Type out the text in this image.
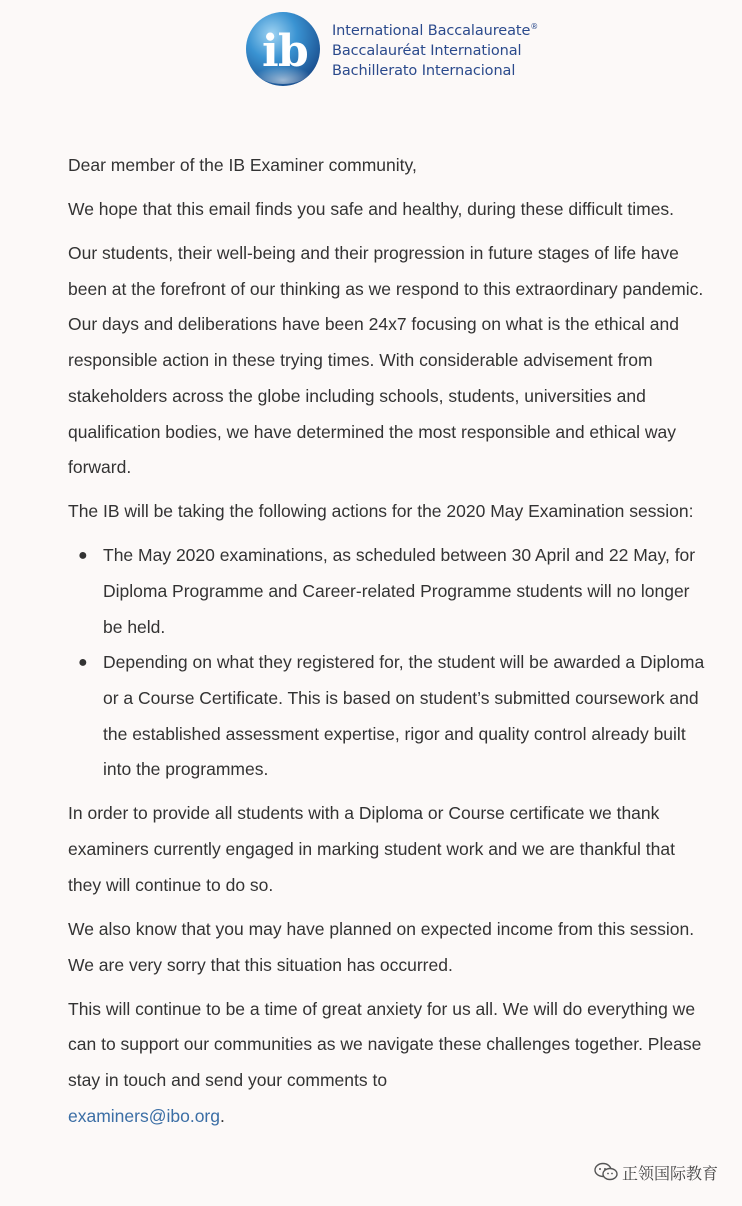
i b International Baccalaureate®
Baccalauréat International
Bachillerato Internacional

Dear member of the IB Examiner community,

We hope that this email finds you safe and healthy, during these difficult times.

Our students, their well-being and their progression in future stages of life have been at the forefront of our thinking as we respond to this extraordinary pandemic. Our days and deliberations have been 24x7 focusing on what is the ethical and responsible action in these trying times. With considerable advisement from stakeholders across the globe including schools, students, universities and qualification bodies, we have determined the most responsible and ethical way forward.

The IB will be taking the following actions for the 2020 May Examination session:

● The May 2020 examinations, as scheduled between 30 April and 22 May, for Diploma Programme and Career-related Programme students will no longer be held.
● Depending on what they registered for, the student will be awarded a Diploma or a Course Certificate. This is based on student’s submitted coursework and the established assessment expertise, rigor and quality control already built into the programmes.

In order to provide all students with a Diploma or Course certificate we thank examiners currently engaged in marking student work and we are thankful that they will continue to do so.

We also know that you may have planned on expected income from this session. We are very sorry that this situation has occurred.

This will continue to be a time of great anxiety for us all. We will do everything we can to support our communities as we navigate these challenges together. Please stay in touch and send your comments to
examiners@ibo.org.

正领国际教育
